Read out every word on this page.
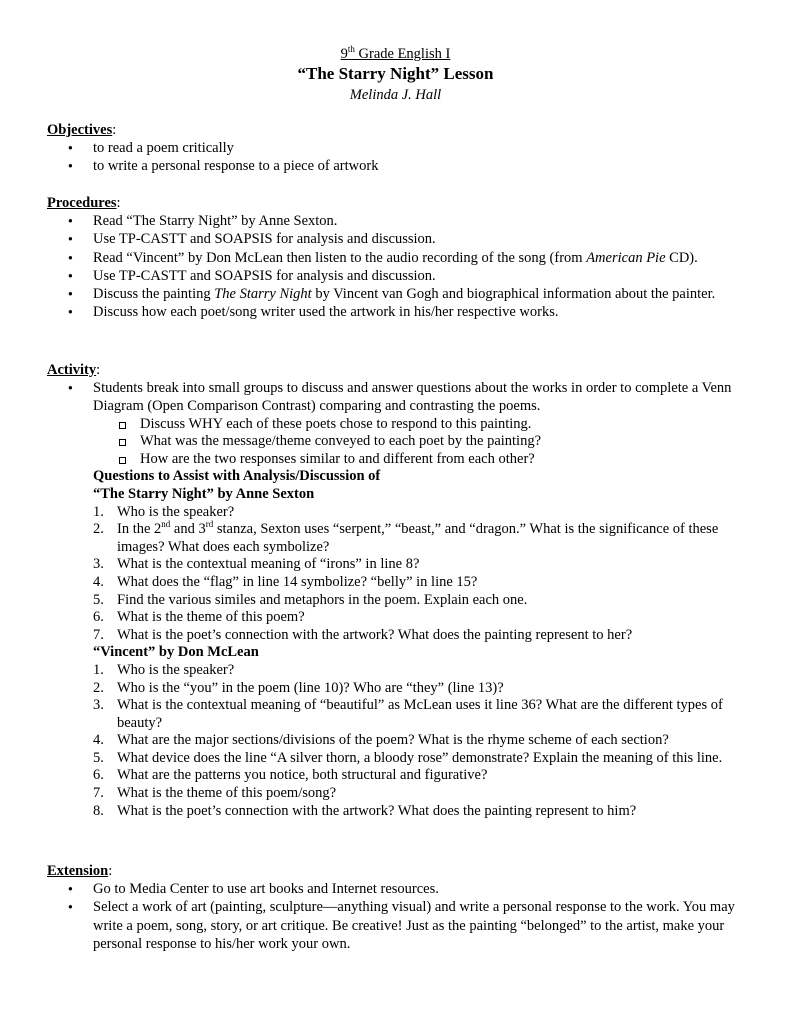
9th Grade English I
“The Starry Night” Lesson
Melinda J. Hall
Objectives:
● to read a poem critically
● to write a personal response to a piece of artwork
Procedures:
● Read “The Starry Night” by Anne Sexton.
● Use TP-CASTT and SOAPSIS for analysis and discussion.
● Read “Vincent” by Don McLean then listen to the audio recording of the song (from American Pie CD).
● Use TP-CASTT and SOAPSIS for analysis and discussion.
● Discuss the painting The Starry Night by Vincent van Gogh and biographical information about the painter.
● Discuss how each poet/song writer used the artwork in his/her respective works.
Activity:
● Students break into small groups to discuss and answer questions about the works in order to complete a Venn Diagram (Open Comparison Contrast) comparing and contrasting the poems.
Discuss WHY each of these poets chose to respond to this painting.
What was the message/theme conveyed to each poet by the painting?
How are the two responses similar to and different from each other?
Questions to Assist with Analysis/Discussion of
“The Starry Night” by Anne Sexton
1. Who is the speaker?
2. In the 2nd and 3rd stanza, Sexton uses “serpent,” “beast,” and “dragon.” What is the significance of these images? What does each symbolize?
3. What is the contextual meaning of “irons” in line 8?
4. What does the “flag” in line 14 symbolize? “belly” in line 15?
5. Find the various similes and metaphors in the poem. Explain each one.
6. What is the theme of this poem?
7. What is the poet’s connection with the artwork? What does the painting represent to her?
“Vincent” by Don McLean
1. Who is the speaker?
2. Who is the “you” in the poem (line 10)? Who are “they” (line 13)?
3. What is the contextual meaning of “beautiful” as McLean uses it line 36? What are the different types of beauty?
4. What are the major sections/divisions of the poem? What is the rhyme scheme of each section?
5. What device does the line “A silver thorn, a bloody rose” demonstrate? Explain the meaning of this line.
6. What are the patterns you notice, both structural and figurative?
7. What is the theme of this poem/song?
8. What is the poet’s connection with the artwork? What does the painting represent to him?
Extension:
● Go to Media Center to use art books and Internet resources.
● Select a work of art (painting, sculpture—anything visual) and write a personal response to the work. You may write a poem, song, story, or art critique. Be creative! Just as the painting “belonged” to the artist, make your personal response to his/her work your own.
